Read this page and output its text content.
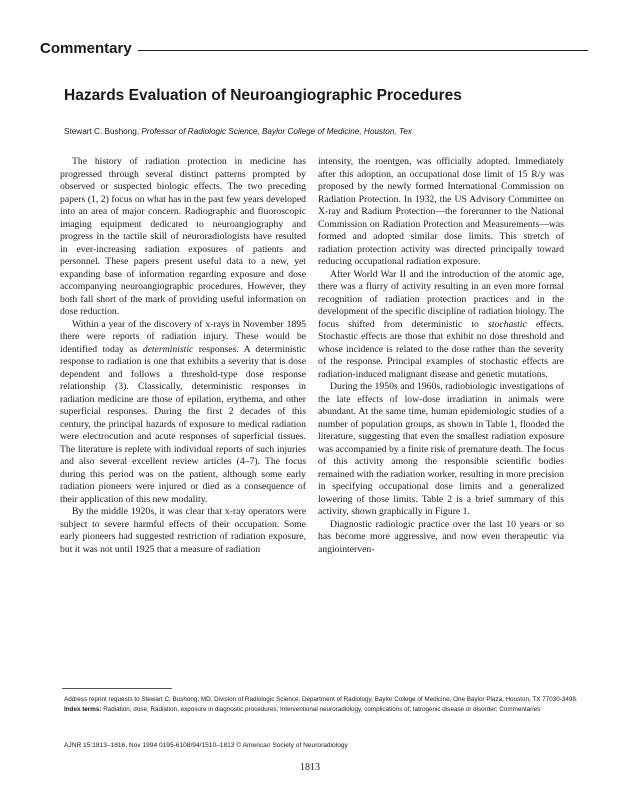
Commentary
Hazards Evaluation of Neuroangiographic Procedures
Stewart C. Bushong, Professor of Radiologic Science, Baylor College of Medicine, Houston, Tex

The history of radiation protection in medicine has progressed through several distinct patterns prompted by observed or suspected biologic effects. The two preceding papers (1, 2) focus on what has in the past few years developed into an area of major concern. Radiographic and fluoroscopic imaging equipment dedicated to neuroangiography and progress in the tactile skill of neuroradiologists have resulted in ever-increasing radiation exposures of patients and personnel. These papers present useful data to a new, yet expanding base of information regarding exposure and dose accompanying neuroangiographic procedures. However, they both fall short of the mark of providing useful information on dose reduction.

Within a year of the discovery of x-rays in November 1895 there were reports of radiation injury. These would be identified today as deterministic responses. A deterministic response to radiation is one that exhibits a severity that is dose dependent and follows a threshold-type dose response relationship (3). Classically, deterministic responses in radiation medicine are those of epilation, erythema, and other superficial responses. During the first 2 decades of this century, the principal hazards of exposure to medical radiation were electrocution and acute responses of superficial tissues. The literature is replete with individual reports of such injuries and also several excellent review articles (4–7). The focus during this period was on the patient, although some early radiation pioneers were injured or died as a consequence of their application of this new modality.

By the middle 1920s, it was clear that x-ray operators were subject to severe harmful effects of their occupation. Some early pioneers had suggested restriction of radiation exposure, but it was not until 1925 that a measure of radiation

intensity, the roentgen, was officially adopted. Immediately after this adoption, an occupational dose limit of 15 R/y was proposed by the newly formed International Commission on Radiation Protection. In 1932, the US Advisory Committee on X-ray and Radium Protection—the forerunner to the National Commission on Radiation Protection and Measurements—was formed and adopted similar dose limits. This stretch of radiation protection activity was directed principally toward reducing occupational radiation exposure.

After World War II and the introduction of the atomic age, there was a flurry of activity resulting in an even more formal recognition of radiation protection practices and in the development of the specific discipline of radiation biology. The focus shifted from deterministic to stochastic effects. Stochastic effects are those that exhibit no dose threshold and whose incidence is related to the dose rather than the severity of the response. Principal examples of stochastic effects are radiation-induced malignant disease and genetic mutations.

During the 1950s and 1960s, radiobiologic investigations of the late effects of low-dose irradiation in animals were abundant. At the same time, human epidemiologic studies of a number of population groups, as shown in Table 1, flooded the literature, suggesting that even the smallest radiation exposure was accompanied by a finite risk of premature death. The focus of this activity among the responsible scientific bodies remained with the radiation worker, resulting in more precision in specifying occupational dose limits and a generalized lowering of those limits. Table 2 is a brief summary of this activity, shown graphically in Figure 1.

Diagnostic radiologic practice over the last 10 years or so has become more aggressive, and now even therapeutic via angiointerven-

Address reprint requests to Stewart C. Bushong, MD, Division of Radiologic Science, Department of Radiology, Baylor College of Medicine, One Baylor Plaza, Houston, TX 77030-3498.

Index terms: Radiation, dose; Radiation, exposure in diagnostic procedures; Interventional neuroradiology, complications of; Iatrogenic disease or disorder; Commentaries

AJNR 15:1813–1816, Nov 1994 0195-6108/94/1510–1813 © American Society of Neuroradiology
1813
